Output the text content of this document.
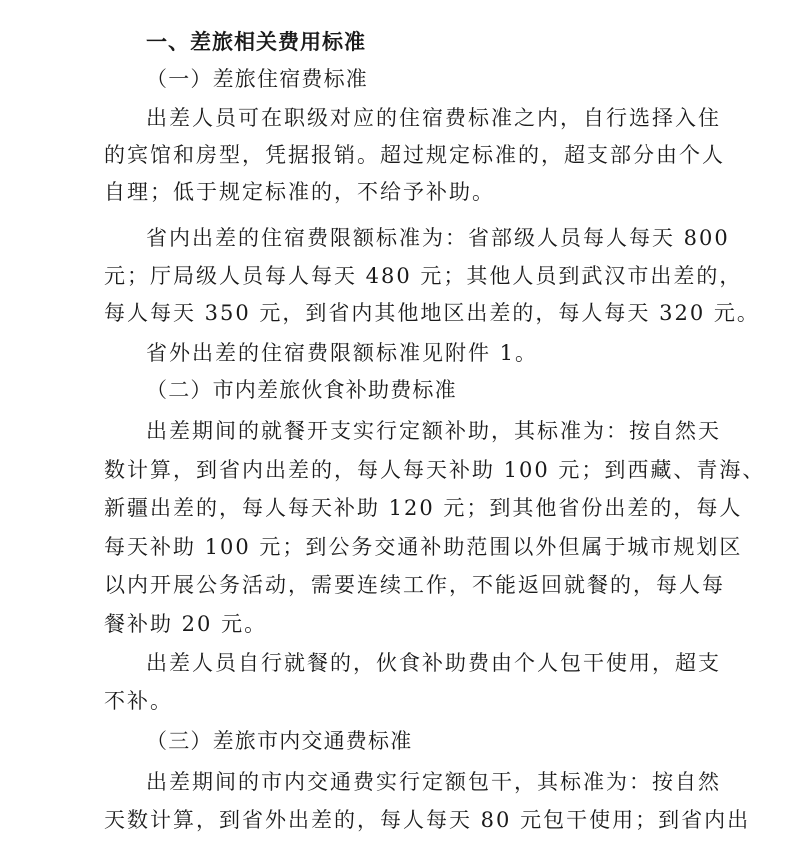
一、差旅相关费用标准
（一）差旅住宿费标准
出差人员可在职级对应的住宿费标准之内，自行选择入住
的宾馆和房型，凭据报销。超过规定标准的，超支部分由个人
自理；低于规定标准的，不给予补助。
省内出差的住宿费限额标准为：省部级人员每人每天 800
元；厅局级人员每人每天 480 元；其他人员到武汉市出差的，
每人每天 350 元，到省内其他地区出差的，每人每天 320 元。
省外出差的住宿费限额标准见附件 1。
（二）市内差旅伙食补助费标准
出差期间的就餐开支实行定额补助，其标准为：按自然天
数计算，到省内出差的，每人每天补助 100 元；到西藏、青海、
新疆出差的，每人每天补助 120 元；到其他省份出差的，每人
每天补助 100 元；到公务交通补助范围以外但属于城市规划区
以内开展公务活动，需要连续工作，不能返回就餐的，每人每
餐补助 20 元。
出差人员自行就餐的，伙食补助费由个人包干使用，超支
不补。
（三）差旅市内交通费标准
出差期间的市内交通费实行定额包干，其标准为：按自然
天数计算，到省外出差的，每人每天 80 元包干使用；到省内出
